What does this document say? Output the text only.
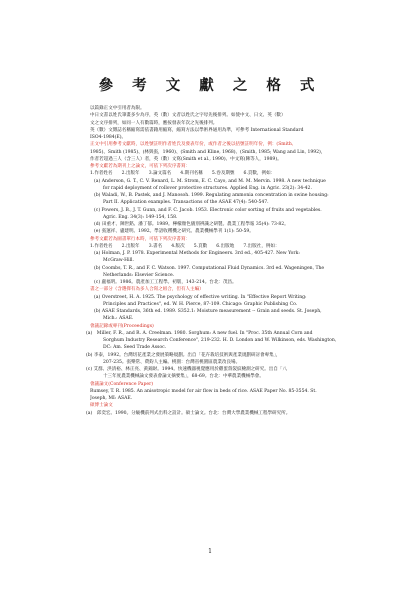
參 考 文 獻 之 格 式
以篇錄正文中引用者為限。
中日文書以姓氏筆畫多少為序，英（數）文者以姓氏之字母先後排列。如使中文、日文、英（數）
文之文序排列，如同一人有數篇時，應按發表年次之先後排列。
英（數）文雜誌名稱縮寫需依書籍用縮寫，縮寫方法以學術界通用為準，可參考 International Standard
ISO4-1984(E)。
正文中引用參考文獻時，以姓號註明作者姓氏及發表年份，或作者之後以括號註明年份，例：(Smith,
1985)、Smith (1985)、(林與張，1960)、(Smith and Kline, 1968)、(Smith, 1985; Wang and Lin, 1992)，
作者若超過三人（含三人）者，英（數）文寫(Smith et al., 1990)、中文寫(陳等人，1989)。
參考文獻若為期刊上之論文，可依下列次序書寫：
1.作者姓名　　2.出版年　　3.論文篇名　　4.期刊名稱　　5.卷及期號　　6.頁數，例如：
(a) Anderson, G. T., C. V. Renard, L. M. Strom, E. C. Cayo, and M. M. Mervin. 1998. A new technique
for rapid deployment of rollover protective structures. Applied Eng. in Agric. 23(2): 34-42.
(b) Waladi, W., B. Pastek, and J. Manosoh. 1999. Regulating ammonia concentration in swine housing:
Part II. Application examples. Transactions of the ASAE 47(4): 540-547.
(c) Powers, J. B., J. T. Gunn, and F. C. Jacob. 1953. Electronic color sorting of fruits and vegetables.
Agric. Eng. 34(3): 149-154, 158.
(d) 田重才、陳世銘、潘丁郁。1989。檸檬顏色儀別辨識之研製。農業工程學報 35(4): 73-82。
(e) 張運祥、盧建明。1992。學語收穫機之研究。農業機械學刊 1(1): 50-59。
參考文獻若為圖書單行本時，可依下列次序書寫：
1.作者姓名　　2.出版年　　3.書名　　4.版次　　5.頁數　　6.出版地　　7.出版社，例如：
(a) Holman, J. P. 1978. Experimental Methods for Engineers. 3rd ed., 405-427. New York:
McGraw-Hill.
(b) Coombs, T. R., and F. C. Watson. 1997. Computational Fluid Dynamics. 3rd ed. Wageningen, The
Netherlands: Elsevier Science.
(c) 盧福明。1986。農產加工工程學。初版，143-214。台北：茂昌。
書之一部分（含選擇有為多人合寫之組合，但有人主編）
(a) Overstreet, H. A. 1925. The psychology of effective writing. In "Effective Report Writing:
Principles and Practices", ed. W. H. Pierce, 87-109. Chicago: Graphic Publishing Co.
(b) ASAE Standards, 36th ed. 1989. S352.1: Moisture measurement -- Grain and seeds. St. Joseph,
Mich.: ASAE.
會議記錄或專刊(Proceedings)
(a)　Miller, F. R., and R. A. Creelman. 1980. Sorghum: A new fuel. In "Proc. 35th Annual Corn and
Sorghum Industry Research Conference", 219-232. H. D. London and W. Wilkinson, eds. Washington,
DC: Am. Seed Trade Assoc.
(b) 李泰，1992。台灣切花產業之發展策略規劃。出自「花卉栽培技術與產業規劃研討會專集」，
207-235。張樂常、費鈞人主編。桃園：台灣省桃園區農業改良場。
(c) 艾群、洪清裕、林正亮、黃錦財。1994。快速機器視覺應用於雞蛋殼裂紋檢測之研究。出自「八
十三年度農業機械論文發表會論文摘要集」，68-69。台北：中華農業機械學會。
會議論文(Conference Paper)
Rumsey, T. R. 1985. An anisotropic model for air flow in beds of rice. ASAE Paper No. 85-3554. St.
Joseph, MI: ASAE.
碩博士論文
(a)　邱奕宏。1990。分級機前列式出料之設計。碩士論文。台北：台灣大學農業機械工程學研究所。
1
